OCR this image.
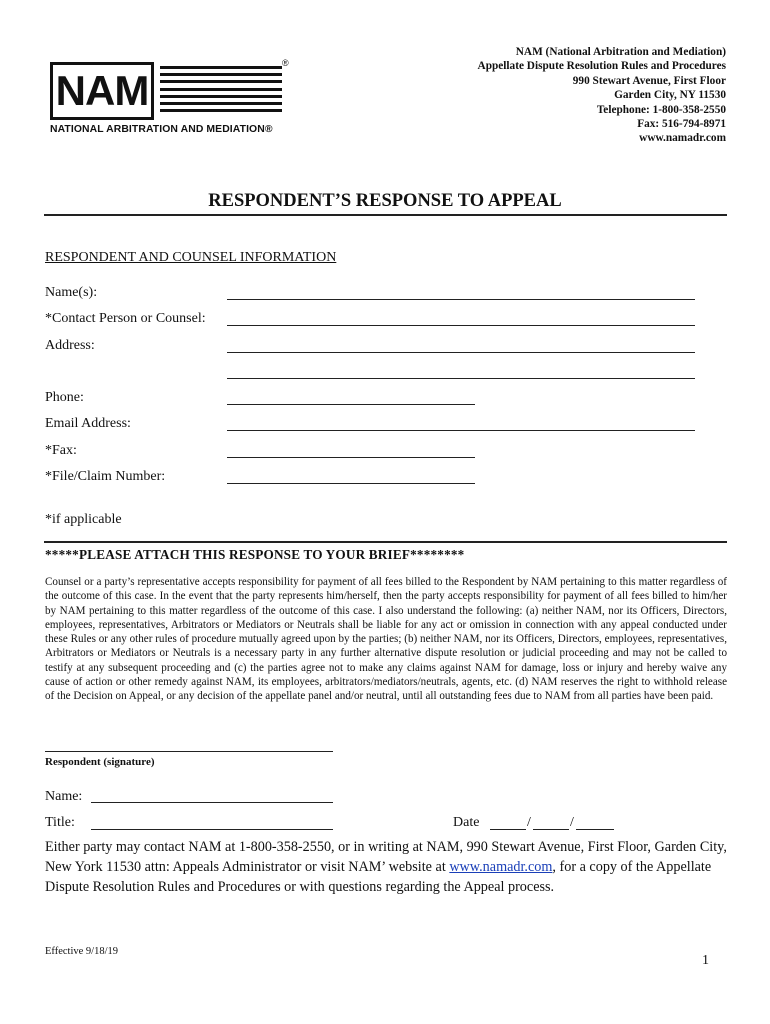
NAM
®
NATIONAL ARBITRATION AND MEDIATION®
NAM (National Arbitration and Mediation)
Appellate Dispute Resolution Rules and Procedures
990 Stewart Avenue, First Floor
Garden City, NY 11530
Telephone: 1-800-358-2550
Fax: 516-794-8971
www.namadr.com
RESPONDENT’S RESPONSE TO APPEAL
RESPONDENT AND COUNSEL INFORMATION
Name(s):
*Contact Person or Counsel:
Address:
Phone:
Email Address:
*Fax:
*File/Claim Number:
*if applicable
*****PLEASE ATTACH THIS RESPONSE TO YOUR BRIEF********
Counsel or a party’s representative accepts responsibility for payment of all fees billed to the Respondent by NAM pertaining to this matter regardless of the outcome of this case. In the event that the party represents him/herself, then the party accepts responsibility for payment of all fees billed to him/her by NAM pertaining to this matter regardless of the outcome of this case. I also understand the following: (a) neither NAM, nor its Officers, Directors, employees, representatives, Arbitrators or Mediators or Neutrals shall be liable for any act or omission in connection with any appeal conducted under these Rules or any other rules of procedure mutually agreed upon by the parties; (b) neither NAM, nor its Officers, Directors, employees, representatives, Arbitrators or Mediators or Neutrals is a necessary party in any further alternative dispute resolution or judicial proceeding and may not be called to testify at any subsequent proceeding and (c) the parties agree not to make any claims against NAM for damage, loss or injury and hereby waive any cause of action or other remedy against NAM, its employees, arbitrators/mediators/neutrals, agents, etc. (d) NAM reserves the right to withhold release of the Decision on Appeal, or any decision of the appellate panel and/or neutral, until all outstanding fees due to NAM from all parties have been paid.
Respondent (signature)
Name:
Title:	Date	/	/
Either party may contact NAM at 1-800-358-2550, or in writing at NAM, 990 Stewart Avenue, First Floor, Garden City, New York 11530 attn: Appeals Administrator or visit NAM’ website at www.namadr.com, for a copy of the Appellate Dispute Resolution Rules and Procedures or with questions regarding the Appeal process.
Effective 9/18/19
1
